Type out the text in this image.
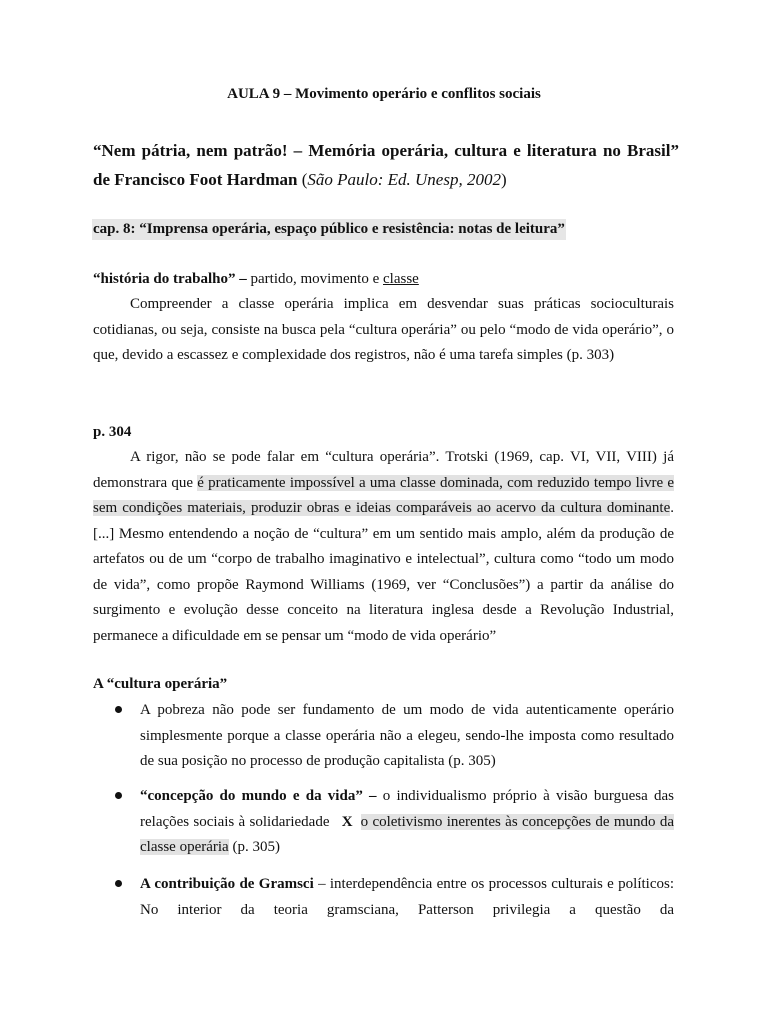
AULA 9 – Movimento operário e conflitos sociais
“Nem pátria, nem patrão! – Memória operária, cultura e literatura no Brasil” de Francisco Foot Hardman (São Paulo: Ed. Unesp, 2002)
cap. 8: “Imprensa operária, espaço público e resistência: notas de leitura”
“história do trabalho” – partido, movimento e classe

Compreender a classe operária implica em desvendar suas práticas socioculturais cotidianas, ou seja, consiste na busca pela “cultura operária” ou pelo “modo de vida operário”, o que, devido a escassez e complexidade dos registros, não é uma tarefa simples (p. 303)

p. 304

A rigor, não se pode falar em “cultura operária”. Trotski (1969, cap. VI, VII, VIII) já demonstrara que é praticamente impossível a uma classe dominada, com reduzido tempo livre e sem condições materiais, produzir obras e ideias comparáveis ao acervo da cultura dominante.[...] Mesmo entendendo a noção de “cultura” em um sentido mais amplo, além da produção de artefatos ou de um “corpo de trabalho imaginativo e intelectual”, cultura como “todo um modo de vida”, como propõe Raymond Williams (1969, ver “Conclusões”) a partir da análise do surgimento e evolução desse conceito na literatura inglesa desde a Revolução Industrial, permanece a dificuldade em se pensar um “modo de vida operário”

A “cultura operária”
A pobreza não pode ser fundamento de um modo de vida autenticamente operário simplesmente porque a classe operária não a elegeu, sendo-lhe imposta como resultado de sua posição no processo de produção capitalista (p. 305)
“concepção do mundo e da vida” – o individualismo próprio à visão burguesa das relações sociais à solidariedade X o coletivismo inerentes às concepções de mundo da classe operária (p. 305)
A contribuição de Gramsci – interdependência entre os processos culturais e políticos: No interior da teoria gramsciana, Patterson privilegia a questão da
